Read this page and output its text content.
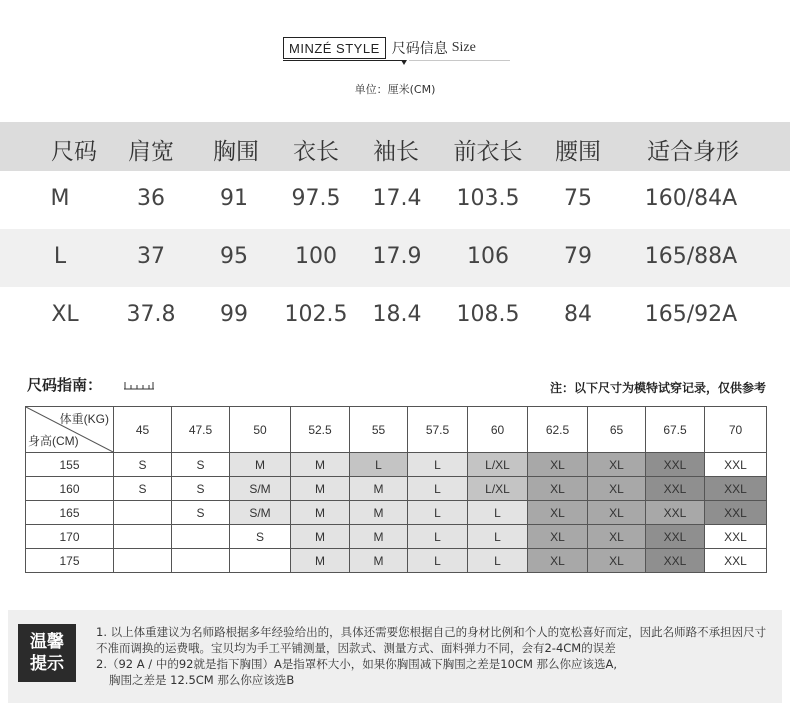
MINZÉ STYLE 尺码信息 Size
单位：厘米(CM)
尺码	肩宽	胸围	衣长	袖长	前衣长	腰围	适合身形
M	36	91	97.5	17.4	103.5	75	160/84A
L	37	95	100	17.9	106	79	165/88A
XL	37.8	99	102.5	18.4	108.5	84	165/92A
尺码指南：	注：以下尺寸为模特试穿记录，仅供参考
体重(KG)
身高(CM)	45	47.5	50	52.5	55	57.5	60	62.5	65	67.5	70
155	S	S	M	M	L	L	L/XL	XL	XL	XXL	XXL
160	S	S	S/M	M	M	L	L/XL	XL	XL	XXL	XXL
165		S	S/M	M	M	L	L	XL	XL	XXL	XXL
170			S	M	M	L	L	XL	XL	XXL	XXL
175				M	M	L	L	XL	XL	XXL	XXL
温馨
提示

1. 以上体重建议为名师路根据多年经验给出的，具体还需要您根据自己的身材比例和个人的宽松喜好而定，因此名师路不承担因尺寸不准而调换的运费哦。宝贝均为手工平铺测量，因款式、测量方式、面料弹力不同，会有2-4CM的误差

2.（92 A / 中的92就是指下胸围）A是指罩杯大小，如果你胸围减下胸围之差是10CM 那么你应该选A,

胸围之差是 12.5CM 那么你应该选B
